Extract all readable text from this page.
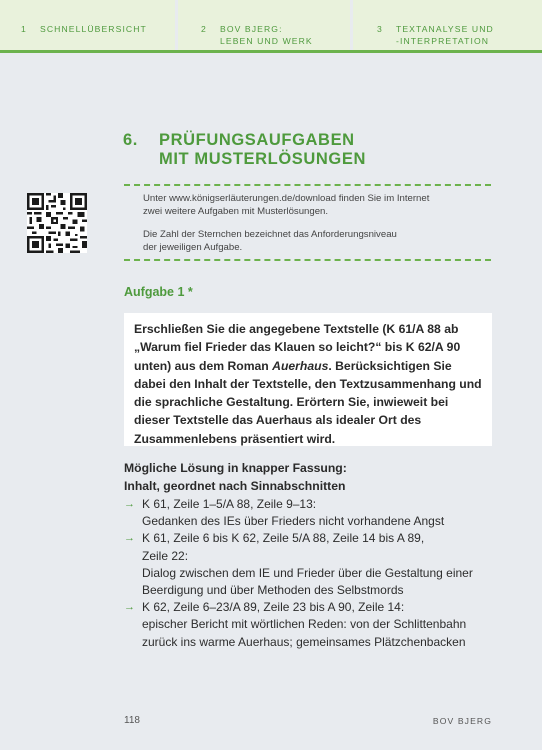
1 SCHNELLÜBERSICHT	2 BOV BJERG:
LEBEN UND WERK
3 TEXTANALYSE UND
-INTERPRETATION
6. PRÜFUNGSAUFGABEN
MIT MUSTERLÖSUNGEN
Unter www.königserläuterungen.de/download finden Sie im Internet
zwei weitere Aufgaben mit Musterlösungen.
Die Zahl der Sternchen bezeichnet das Anforderungsniveau
der jeweiligen Aufgabe.
Aufgabe 1 *

Erschließen Sie die angegebene Textstelle (K 61/A 88 ab „Warum fiel Frieder das Klauen so leicht?“ bis K 62/A 90 unten) aus dem Roman Auerhaus. Berücksichtigen Sie dabei den Inhalt der Textstelle, den Textzusammenhang und die sprachliche Gestaltung. Erörtern Sie, inwieweit bei dieser Textstelle das Auerhaus als idealer Ort des Zusammenlebens präsentiert wird.

Mögliche Lösung in knapper Fassung:
Inhalt, geordnet nach Sinnabschnitten
→ K 61, Zeile 1–5/A 88, Zeile 9–13:
Gedanken des IEs über Frieders nicht vorhandene Angst
→ K 61, Zeile 6 bis K 62, Zeile 5/A 88, Zeile 14 bis A 89,
Zeile 22:
Dialog zwischen dem IE und Frieder über die Gestaltung einer
Beerdigung und über Methoden des Selbstmords
→ K 62, Zeile 6–23/A 89, Zeile 23 bis A 90, Zeile 14:
epischer Bericht mit wörtlichen Reden: von der Schlittenbahn
zurück ins warme Auerhaus; gemeinsames Plätzchenbacken
118	BOV BJERG
